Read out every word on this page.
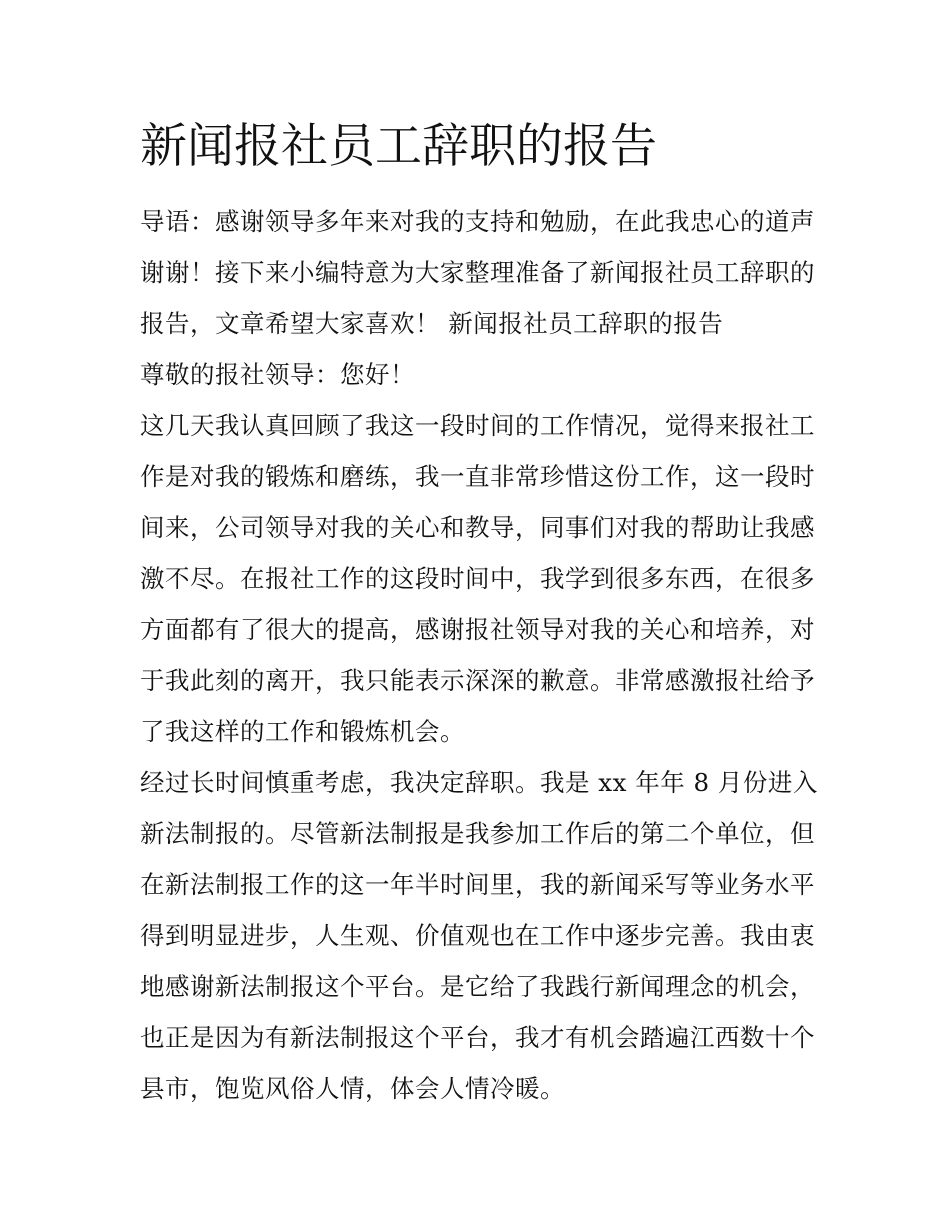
新闻报社员工辞职的报告
导语：感谢领导多年来对我的支持和勉励，在此我忠心的道声
谢谢！接下来小编特意为大家整理准备了新闻报社员工辞职的
报告，文章希望大家喜欢！ 新闻报社员工辞职的报告
尊敬的报社领导：您好！
这几天我认真回顾了我这一段时间的工作情况，觉得来报社工
作是对我的锻炼和磨练，我一直非常珍惜这份工作，这一段时
间来，公司领导对我的关心和教导，同事们对我的帮助让我感
激不尽。在报社工作的这段时间中，我学到很多东西，在很多
方面都有了很大的提高，感谢报社领导对我的关心和培养，对
于我此刻的离开，我只能表示深深的歉意。非常感激报社给予
了我这样的工作和锻炼机会。
经过长时间慎重考虑，我决定辞职。我是 xx 年年 8 月份进入
新法制报的。尽管新法制报是我参加工作后的第二个单位，但
在新法制报工作的这一年半时间里，我的新闻采写等业务水平
得到明显进步，人生观、价值观也在工作中逐步完善。我由衷
地感谢新法制报这个平台。是它给了我践行新闻理念的机会，
也正是因为有新法制报这个平台，我才有机会踏遍江西数十个
县市，饱览风俗人情，体会人情冷暖。
